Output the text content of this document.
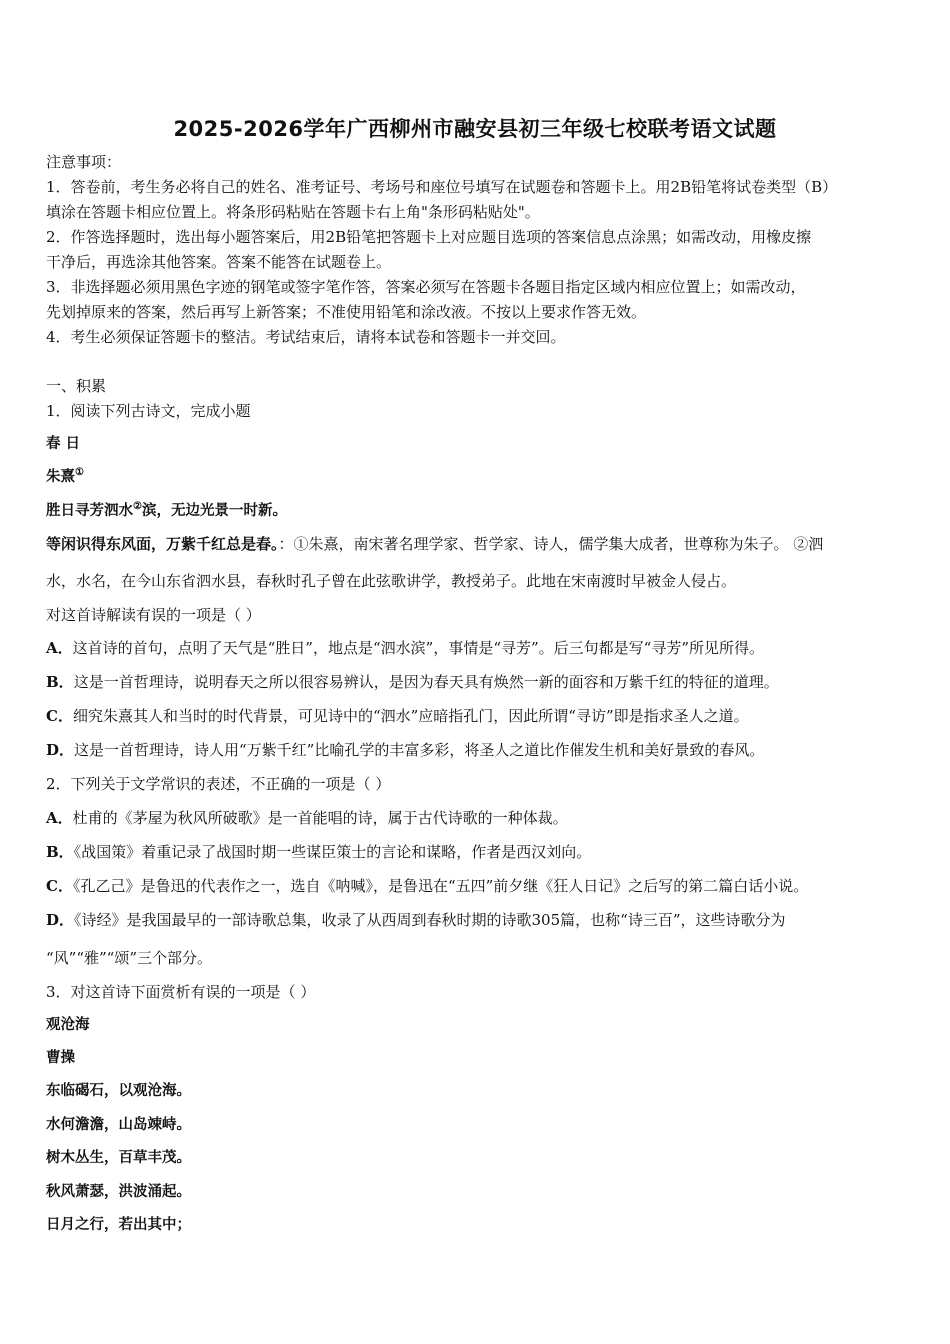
2025-2026学年广西柳州市融安县初三年级七校联考语文试题
注意事项：
1．答卷前，考生务必将自己的姓名、准考证号、考场号和座位号填写在试题卷和答题卡上。用2B铅笔将试卷类型（B）
填涂在答题卡相应位置上。将条形码粘贴在答题卡右上角"条形码粘贴处"。
2．作答选择题时，选出每小题答案后，用2B铅笔把答题卡上对应题目选项的答案信息点涂黑；如需改动，用橡皮擦
干净后，再选涂其他答案。答案不能答在试题卷上。
3．非选择题必须用黑色字迹的钢笔或签字笔作答，答案必须写在答题卡各题目指定区域内相应位置上；如需改动，
先划掉原来的答案，然后再写上新答案；不准使用铅笔和涂改液。不按以上要求作答无效。
4．考生必须保证答题卡的整洁。考试结束后，请将本试卷和答题卡一并交回。
一、积累
1．阅读下列古诗文，完成小题
春 日
朱熹①
胜日寻芳泗水②滨，无边光景一时新。
等闲识得东风面，万紫千红总是春。：①朱熹，南宋著名理学家、哲学家、诗人，儒学集大成者，世尊称为朱子。 ②泗
水，水名，在今山东省泗水县，春秋时孔子曾在此弦歌讲学，教授弟子。此地在宋南渡时早被金人侵占。
对这首诗解读有误的一项是（ ）
A．这首诗的首句，点明了天气是“胜日”，地点是“泗水滨”，事情是“寻芳”。后三句都是写“寻芳”所见所得。
B．这是一首哲理诗，说明春天之所以很容易辨认，是因为春天具有焕然一新的面容和万紫千红的特征的道理。
C．细究朱熹其人和当时的时代背景，可见诗中的“泗水”应暗指孔门，因此所谓“寻访”即是指求圣人之道。
D．这是一首哲理诗，诗人用“万紫千红”比喻孔学的丰富多彩，将圣人之道比作催发生机和美好景致的春风。
2．下列关于文学常识的表述，不正确的一项是（ ）
A．杜甫的《茅屋为秋风所破歌》是一首能唱的诗，属于古代诗歌的一种体裁。
B．《战国策》着重记录了战国时期一些谋臣策士的言论和谋略，作者是西汉刘向。
C．《孔乙己》是鲁迅的代表作之一，选自《呐喊》，是鲁迅在“五四”前夕继《狂人日记》之后写的第二篇白话小说。
D．《诗经》是我国最早的一部诗歌总集，收录了从西周到春秋时期的诗歌305篇，也称“诗三百”，这些诗歌分为
“风”“雅”“颂”三个部分。
3．对这首诗下面赏析有误的一项是（ ）
观沧海
曹操
东临碣石，以观沧海。
水何澹澹，山岛竦峙。
树木丛生，百草丰茂。
秋风萧瑟，洪波涌起。
日月之行，若出其中；
